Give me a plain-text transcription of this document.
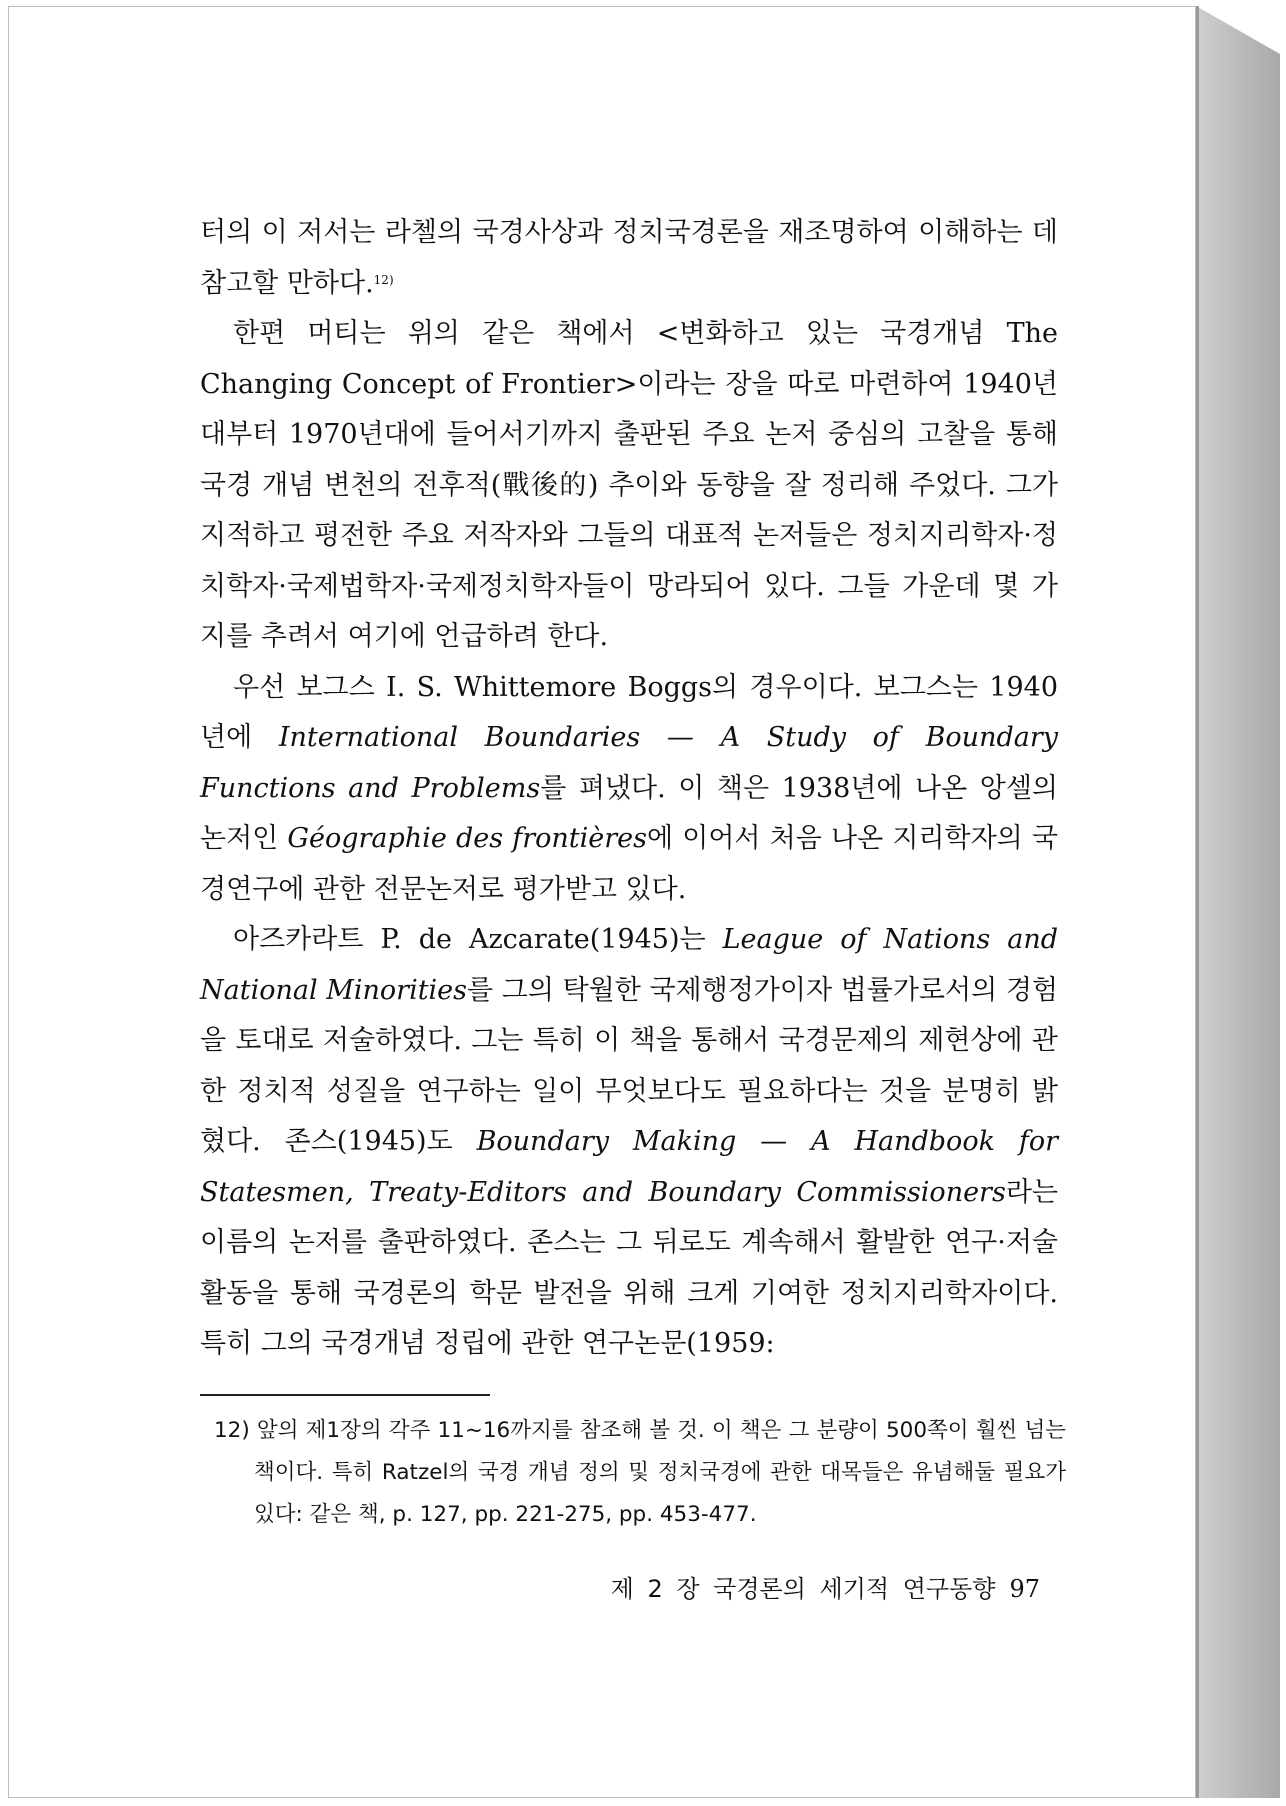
터의 이 저서는 라첼의 국경사상과 정치국경론을 재조명하여 이해하는 데 참고할 만하다.$^{12)}$

한편 머티는 위의 같은 책에서 <변화하고 있는 국경개념 The Changing Concept of Frontier>이라는 장을 따로 마련하여 1940년대부터 1970년대에 들어서기까지 출판된 주요 논저 중심의 고찰을 통해 국경 개념 변천의 전후적(戰後的) 추이와 동향을 잘 정리해 주었다. 그가 지적하고 평전한 주요 저작자와 그들의 대표적 논저들은 정치지리학자·정치학자·국제법학자·국제정치학자들이 망라되어 있다. 그들 가운데 몇 가지를 추려서 여기에 언급하려 한다.

우선 보그스 I. S. Whittemore Boggs의 경우이다. 보그스는 1940년에 International Boundaries — A Study of Boundary Functions and Problems를 펴냈다. 이 책은 1938년에 나온 앙셀의 논저인 Géographie des frontières에 이어서 처음 나온 지리학자의 국경연구에 관한 전문논저로 평가받고 있다.

아즈카라트 P. de Azcarate(1945)는 League of Nations and National Minorities를 그의 탁월한 국제행정가이자 법률가로서의 경험을 토대로 저술하였다. 그는 특히 이 책을 통해서 국경문제의 제현상에 관한 정치적 성질을 연구하는 일이 무엇보다도 필요하다는 것을 분명히 밝혔다. 존스(1945)도 Boundary Making — A Handbook for Statesmen, Treaty-Editors and Boundary Commissioners라는 이름의 논저를 출판하였다. 존스는 그 뒤로도 계속해서 활발한 연구·저술활동을 통해 국경론의 학문 발전을 위해 크게 기여한 정치지리학자이다. 특히 그의 국경개념 정립에 관한 연구논문(1959:

12) 앞의 제1장의 각주 11~16까지를 참조해 볼 것. 이 책은 그 분량이 500쪽이 훨씬 넘는 책이다. 특히 Ratzel의 국경 개념 정의 및 정치국경에 관한 대목들은 유념해둘 필요가 있다: 같은 책, p. 127, pp. 221-275, pp. 453-477.
제 2 장 국경론의 세기적 연구동향 97
